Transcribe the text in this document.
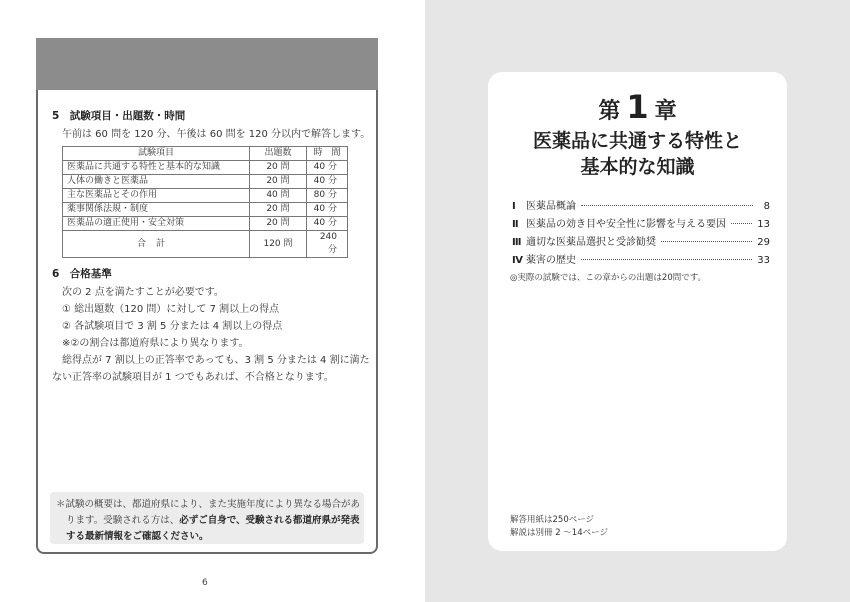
5　試験項目・出題数・時間
午前は 60 問を 120 分、午後は 60 問を 120 分以内で解答します。
試験項目	出題数	時　間
医薬品に共通する特性と基本的な知識	20 問	40 分
人体の働きと医薬品	20 問	40 分
主な医薬品とその作用	40 問	80 分
薬事関係法規・制度	20 問	40 分
医薬品の適正使用・安全対策	20 問	40 分
合計	120 問	240 分
6　合格基準
次の 2 点を満たすことが必要です。
① 総出題数（120 問）に対して 7 割以上の得点
② 各試験項目で 3 割 5 分または 4 割以上の得点
※②の割合は都道府県により異なります。
総得点が 7 割以上の正答率であっても、3 割 5 分または 4 割に満た
ない正答率の試験項目が 1 つでもあれば、不合格となります。
＊試験の概要は、都道府県により、また実施年度により異なる場合があ
ります。受験される方は、必ずご自身で、受験される都道府県が発表
する最新情報をご確認ください。
6
第 1 章
医薬品に共通する特性と
基本的な知識
Ⅰ	医薬品概論	8
Ⅱ 医薬品の効き目や安全性に影響を与える要因	13
Ⅲ 適切な医薬品選択と受診勧奨	29
Ⅳ 薬害の歴史	33
◎実際の試験では、この章からの出題は20問です。
解答用紙は250ページ
解説は別冊 2 〜14ページ
